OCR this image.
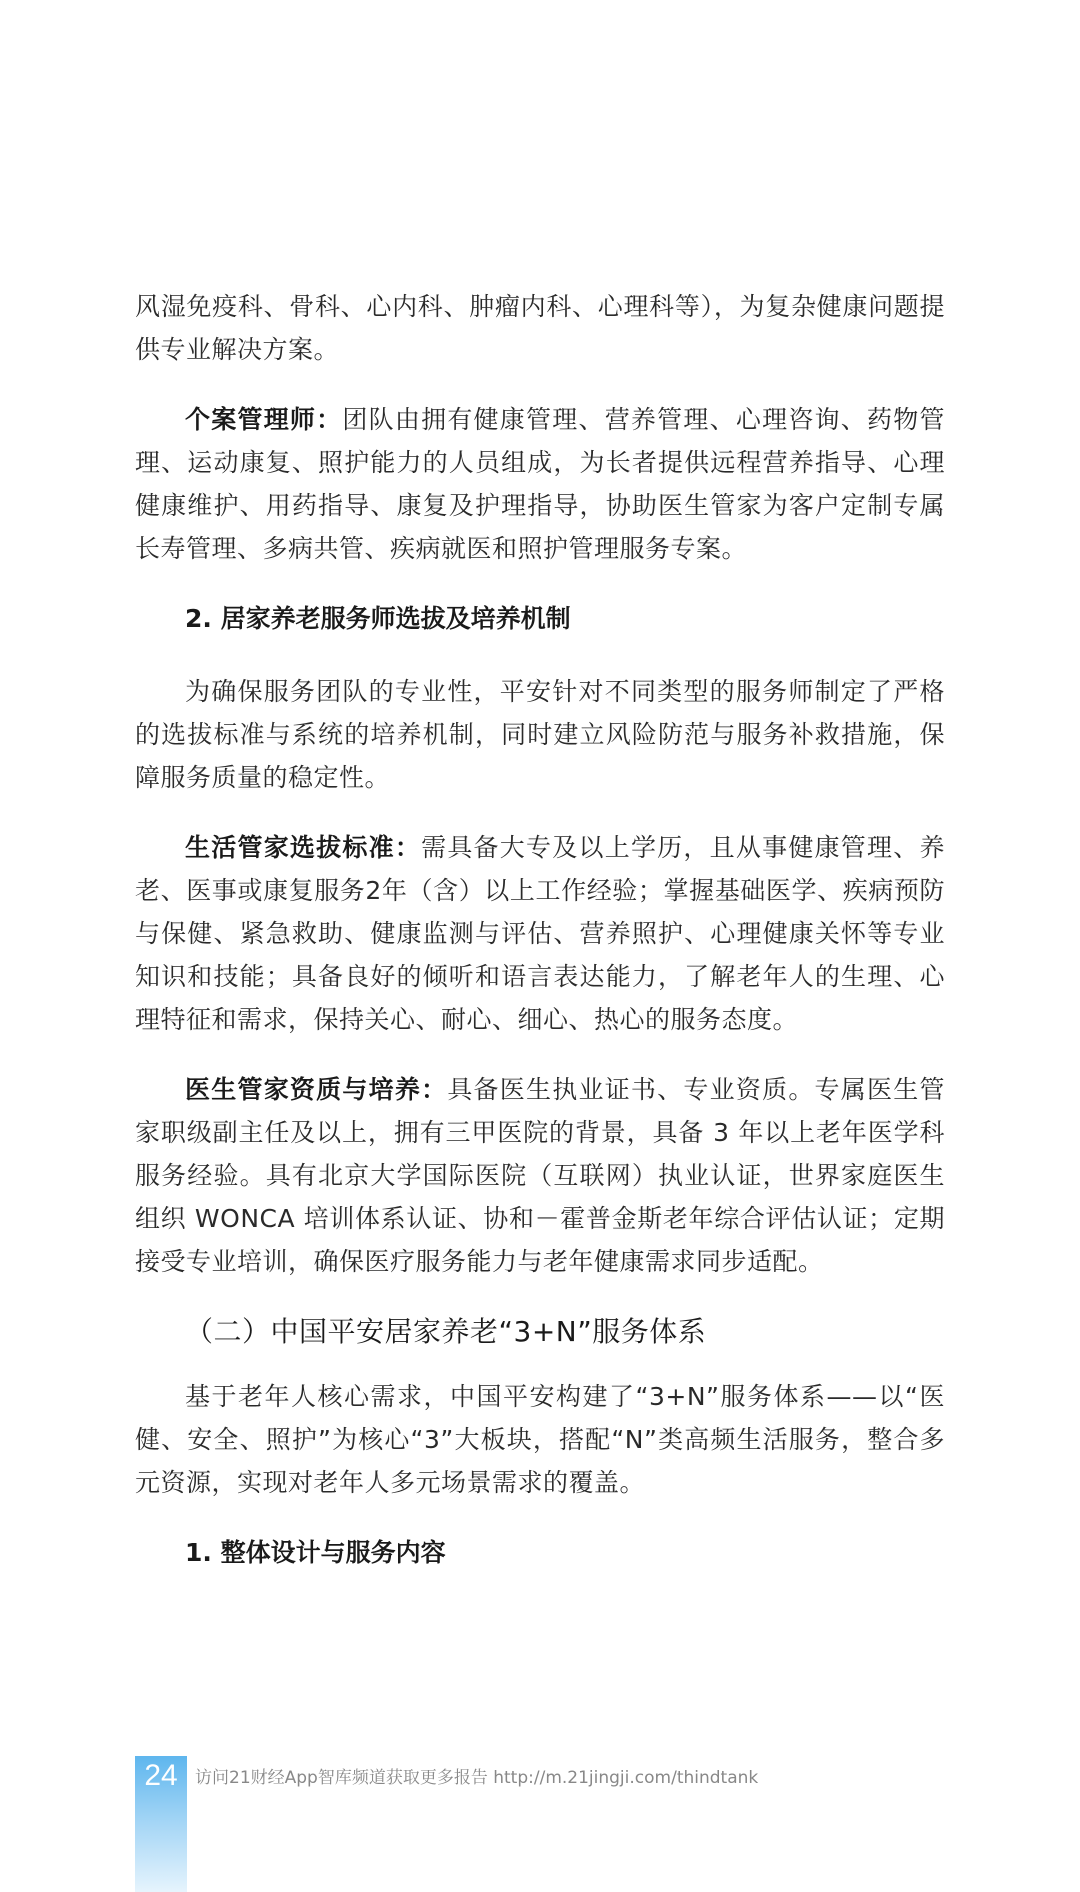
风湿免疫科、骨科、心内科、肿瘤内科、心理科等），为复杂健康问题提供专业解决方案。

个案管理师：团队由拥有健康管理、营养管理、心理咨询、药物管理、运动康复、照护能力的人员组成，为长者提供远程营养指导、心理健康维护、用药指导、康复及护理指导，协助医生管家为客户定制专属长寿管理、多病共管、疾病就医和照护管理服务专案。

2. 居家养老服务师选拔及培养机制

为确保服务团队的专业性，平安针对不同类型的服务师制定了严格的选拔标准与系统的培养机制，同时建立风险防范与服务补救措施，保障服务质量的稳定性。

生活管家选拔标准：需具备大专及以上学历，且从事健康管理、养老、医事或康复服务2年（含）以上工作经验；掌握基础医学、疾病预防与保健、紧急救助、健康监测与评估、营养照护、心理健康关怀等专业知识和技能；具备良好的倾听和语言表达能力，了解老年人的生理、心理特征和需求，保持关心、耐心、细心、热心的服务态度。

医生管家资质与培养：具备医生执业证书、专业资质。专属医生管家职级副主任及以上，拥有三甲医院的背景，具备 3 年以上老年医学科服务经验。具有北京大学国际医院（互联网）执业认证，世界家庭医生组织 WONCA 培训体系认证、协和－霍普金斯老年综合评估认证；定期接受专业培训，确保医疗服务能力与老年健康需求同步适配。

（二）中国平安居家养老“3+N”服务体系

基于老年人核心需求，中国平安构建了“3+N”服务体系——以“医健、安全、照护”为核心“3”大板块，搭配“N”类高频生活服务，整合多元资源，实现对老年人多元场景需求的覆盖。

1. 整体设计与服务内容
24	访问21财经App智库频道获取更多报告 http://m.21jingji.com/thindtank
